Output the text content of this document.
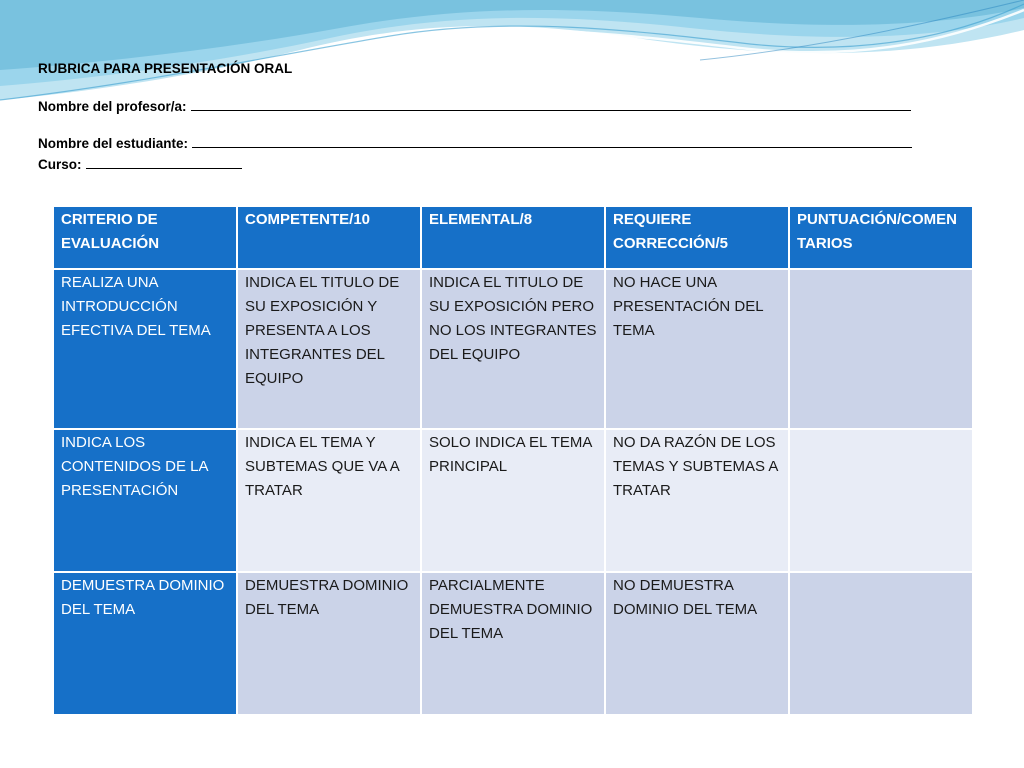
RUBRICA PARA PRESENTACIÓN ORAL
Nombre del profesor/a:
Nombre del estudiante:
Curso:
CRITERIO DE EVALUACIÓN	COMPETENTE/10	ELEMENTAL/8	REQUIERE CORRECCIÓN/5	PUNTUACIÓN/COMENTARIOS
REALIZA UNA INTRODUCCIÓN EFECTIVA DEL TEMA	INDICA EL TITULO DE SU EXPOSICIÓN Y PRESENTA A LOS INTEGRANTES DEL EQUIPO	INDICA EL TITULO DE SU EXPOSICIÓN PERO NO LOS INTEGRANTES DEL EQUIPO	NO HACE UNA PRESENTACIÓN DEL TEMA	
INDICA LOS CONTENIDOS DE LA PRESENTACIÓN	INDICA EL TEMA Y SUBTEMAS QUE VA A TRATAR	SOLO INDICA EL TEMA PRINCIPAL	NO DA RAZÓN DE LOS TEMAS Y SUBTEMAS A TRATAR	
DEMUESTRA DOMINIO DEL TEMA	DEMUESTRA DOMINIO DEL TEMA	PARCIALMENTE DEMUESTRA DOMINIO DEL TEMA	NO DEMUESTRA DOMINIO DEL TEMA	
